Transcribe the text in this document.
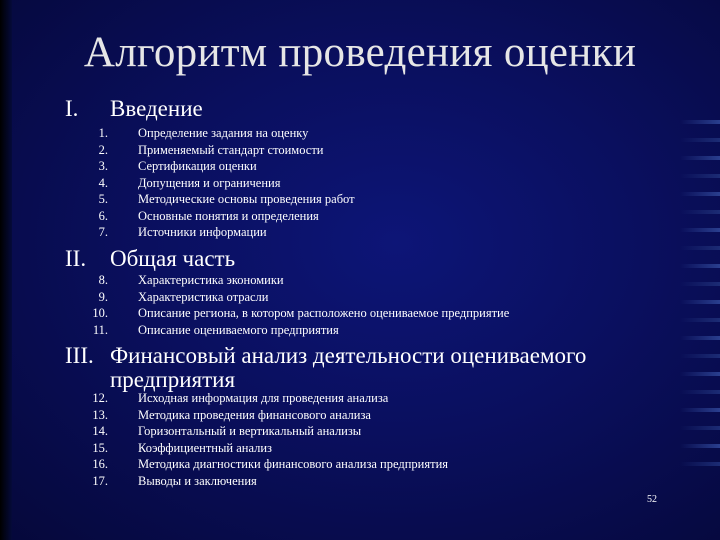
Алгоритм проведения оценки
I. Введение
1. Определение задания на оценку
2. Применяемый стандарт стоимости
3. Сертификация оценки
4. Допущения и ограничения
5. Методические основы проведения работ
6. Основные понятия и определения
7. Источники информации
II. Общая часть
8. Характеристика экономики
9. Характеристика отрасли
10. Описание региона, в котором расположено оцениваемое предприятие
11. Описание оцениваемого предприятия
III. Финансовый анализ деятельности оцениваемого
предприятия
12. Исходная информация для проведения анализа
13. Методика проведения финансового анализа
14. Горизонтальный и вертикальный анализы
15. Коэффициентный анализ
16. Методика диагностики финансового анализа предприятия
17. Выводы и заключения
52
